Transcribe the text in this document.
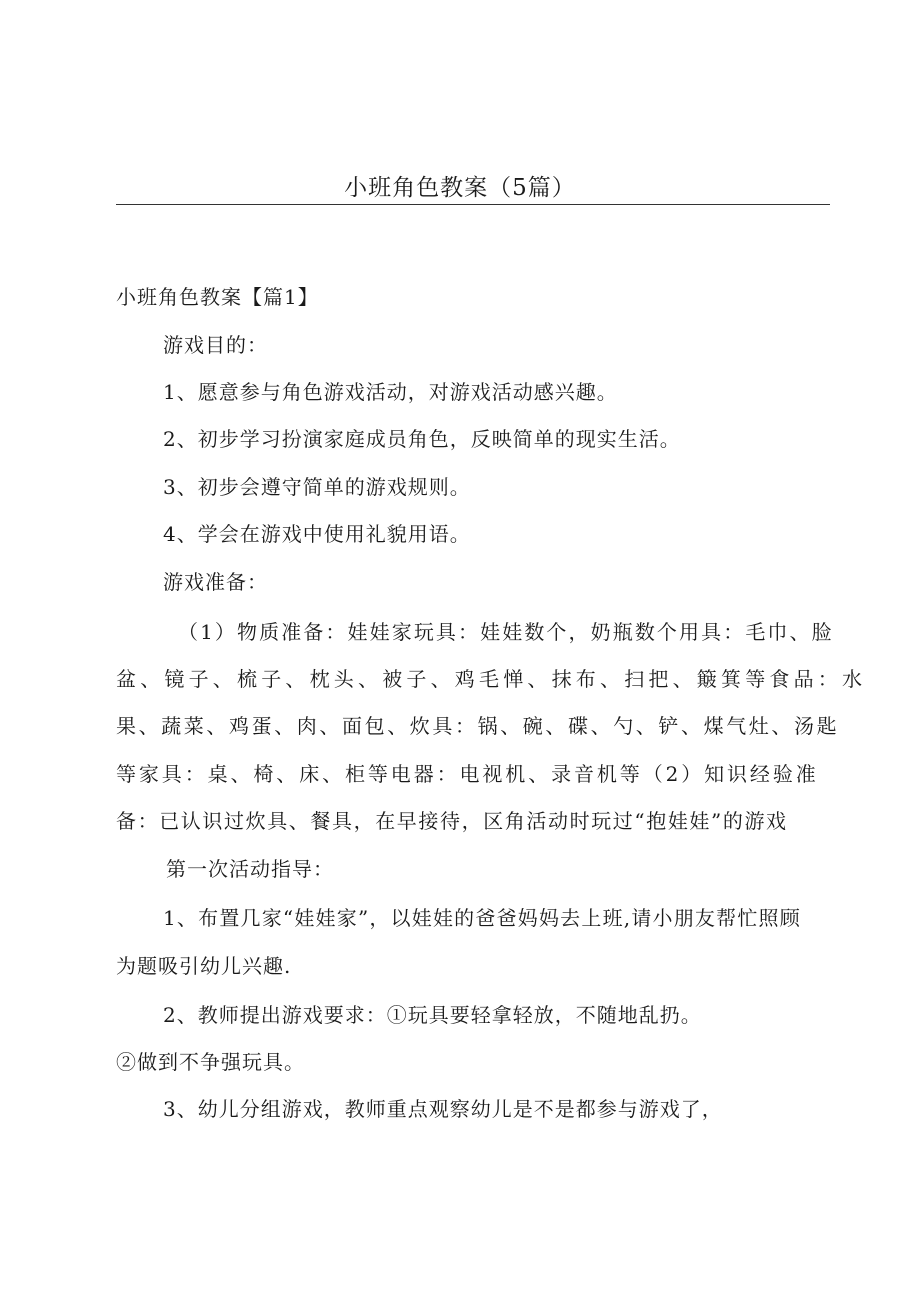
小班角色教案（5篇）
小班角色教案【篇1】
游戏目的：
1、愿意参与角色游戏活动，对游戏活动感兴趣。
2、初步学习扮演家庭成员角色，反映简单的现实生活。
3、初步会遵守简单的游戏规则。
4、学会在游戏中使用礼貌用语。
游戏准备：
（1）物质准备：娃娃家玩具：娃娃数个，奶瓶数个用具：毛巾、脸
盆、镜子、梳子、枕头、被子、鸡毛惮、抹布、扫把、簸箕等食品：水
果、蔬菜、鸡蛋、肉、面包、炊具：锅、碗、碟、勺、铲、煤气灶、汤匙
等家具：桌、椅、床、柜等电器：电视机、录音机等（2）知识经验准
备：已认识过炊具、餐具，在早接待，区角活动时玩过“抱娃娃”的游戏
第一次活动指导：
1、布置几家“娃娃家”，以娃娃的爸爸妈妈去上班,请小朋友帮忙照顾
为题吸引幼儿兴趣.
2、教师提出游戏要求：①玩具要轻拿轻放，不随地乱扔。
②做到不争强玩具。
3、幼儿分组游戏，教师重点观察幼儿是不是都参与游戏了，
